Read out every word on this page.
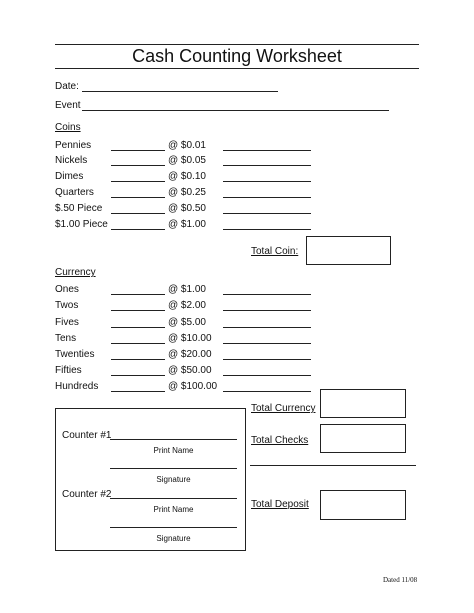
Cash Counting Worksheet
Date:
Event
Coins
Pennies	@ $0.01
Nickels	@ $0.05
Dimes	@ $0.10
Quarters	@ $0.25
$.50 Piece	@ $0.50
$1.00 Piece	@ $1.00
Total Coin:
Currency
Ones	@ $1.00
Twos	@ $2.00
Fives	@ $5.00
Tens	@ $10.00
Twenties	@ $20.00
Fifties	@ $50.00
Hundreds	@ $100.00
Total Currency
Total Checks
Total Deposit
Counter #1
Print Name
Signature
Counter #2
Print Name
Signature
Dated 11/08
